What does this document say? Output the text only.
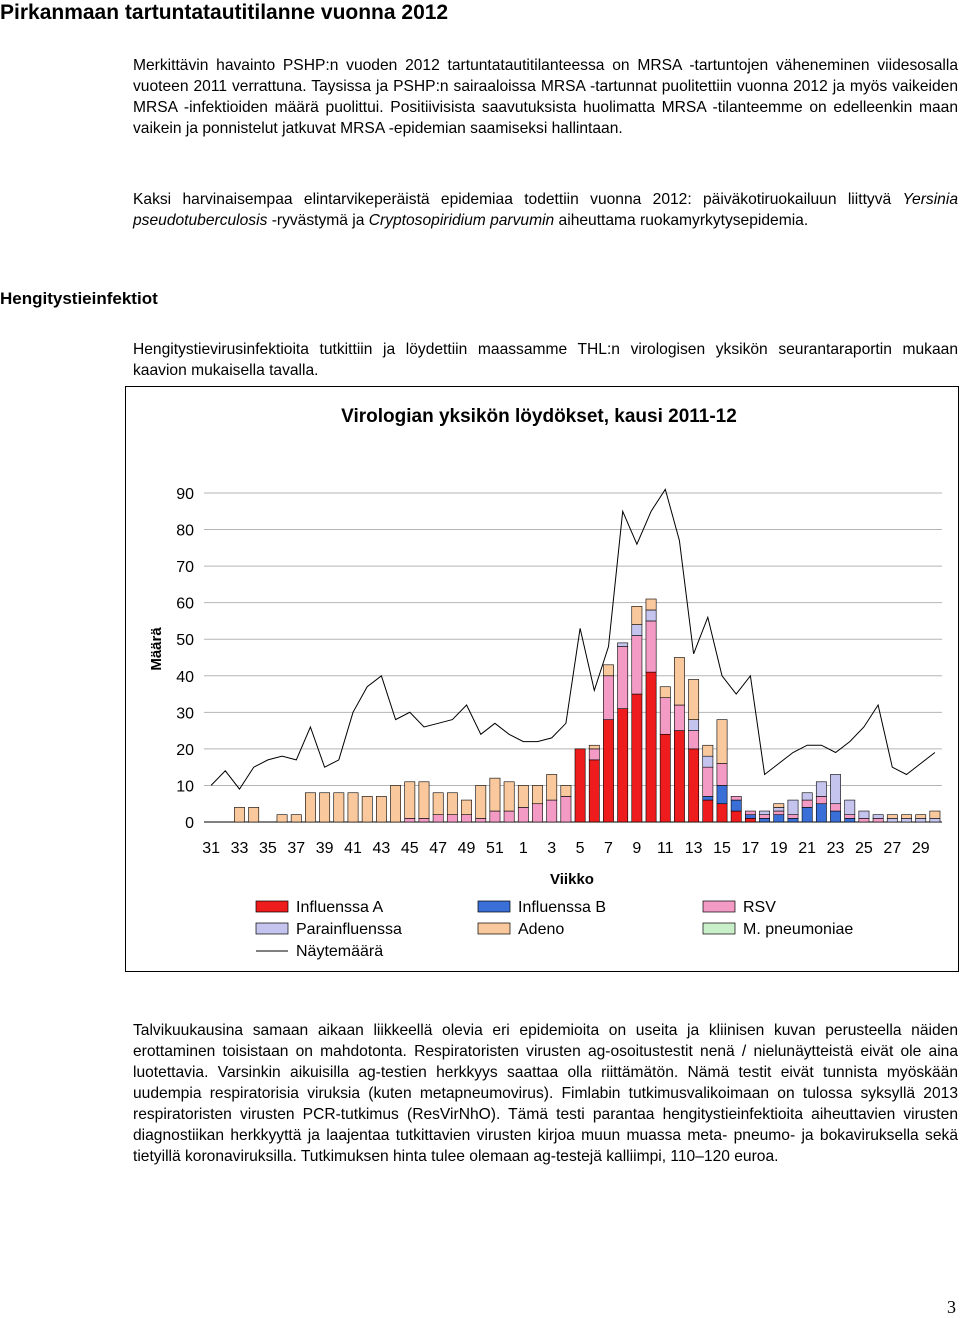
Pirkanmaan tartuntatautitilanne vuonna 2012
Merkittävin havainto PSHP:n vuoden 2012 tartuntatautitilanteessa on MRSA -tartuntojen vähenеminen viidesosalla vuoteen 2011 verrattuna. Taysissa ja PSHP:n sairaaloissa MRSA -tartunnat puolitettiin vuonna 2012 ja myös vaikeiden MRSA -infektioiden määrä puolittui. Positiivisista saavutuksista huolimatta MRSA -tilanteemme on edelleenkin maan vaikein ja ponnistelut jatkuvat MRSA -epidemian saamiseksi hallintaan.
Kaksi harvinaisempaa elintarvikeperäistä epidemiaa todettiin vuonna 2012: päiväkotiruokailuun liittyvä Yersinia pseudotuberculosis -ryvästymä ja Cryptosopiridium parvumin aiheuttama ruokamyrkytysepidemia.
Hengitystieinfektiot
Hengitystievirusinfektioita tutkittiin ja löydettiin maassamme THL:n virologisen yksikön seurantaraportin mukaan kaavion mukaisella tavalla.
Virologian yksikön löydökset, kausi 2011-12
Määrä
Viikko
0
10
20
30
40
50
60
70
80
90
31 33 35 37 39 41 43 45 47 49 51 1 3 5 7 9 11 13 15 17 19 21 23 25 27 29
Influenssa A	Influenssa B	RSV
Parainfluenssa	Adeno	M. pneumoniae
Näytemäärä
Talvikuukausina samaan aikaan liikkeellä olevia eri epidemioita on useita ja kliinisen kuvan perusteella näiden erottaminen toisistaan on mahdotonta. Respiratoristen virusten ag-osoitustestit nenä / nielunäytteistä eivät ole aina luotettavia. Varsinkin aikuisilla ag-testien herkkyys saattaa olla riittämätön. Nämä testit eivät tunnista myöskään uudempia respiratorisia viruksia (kuten metapneumovirus). Fimlabin tutkimusvalikoimaan on tulossa syksyllä 2013 respiratoristen virusten PCR-tutkimus (ResVirNhO). Tämä testi parantaa hengitystieinfektioita aiheuttavien virusten diagnostiikan herkkyyttä ja laajentaa tutkittavien virusten kirjoa muun muassa meta- pneumo- ja bokaviruksella sekä tietyillä koronaviruksilla. Tutkimuksen hinta tulee olemaan ag-testejä kalliimpi, 110–120 euroa.
3
